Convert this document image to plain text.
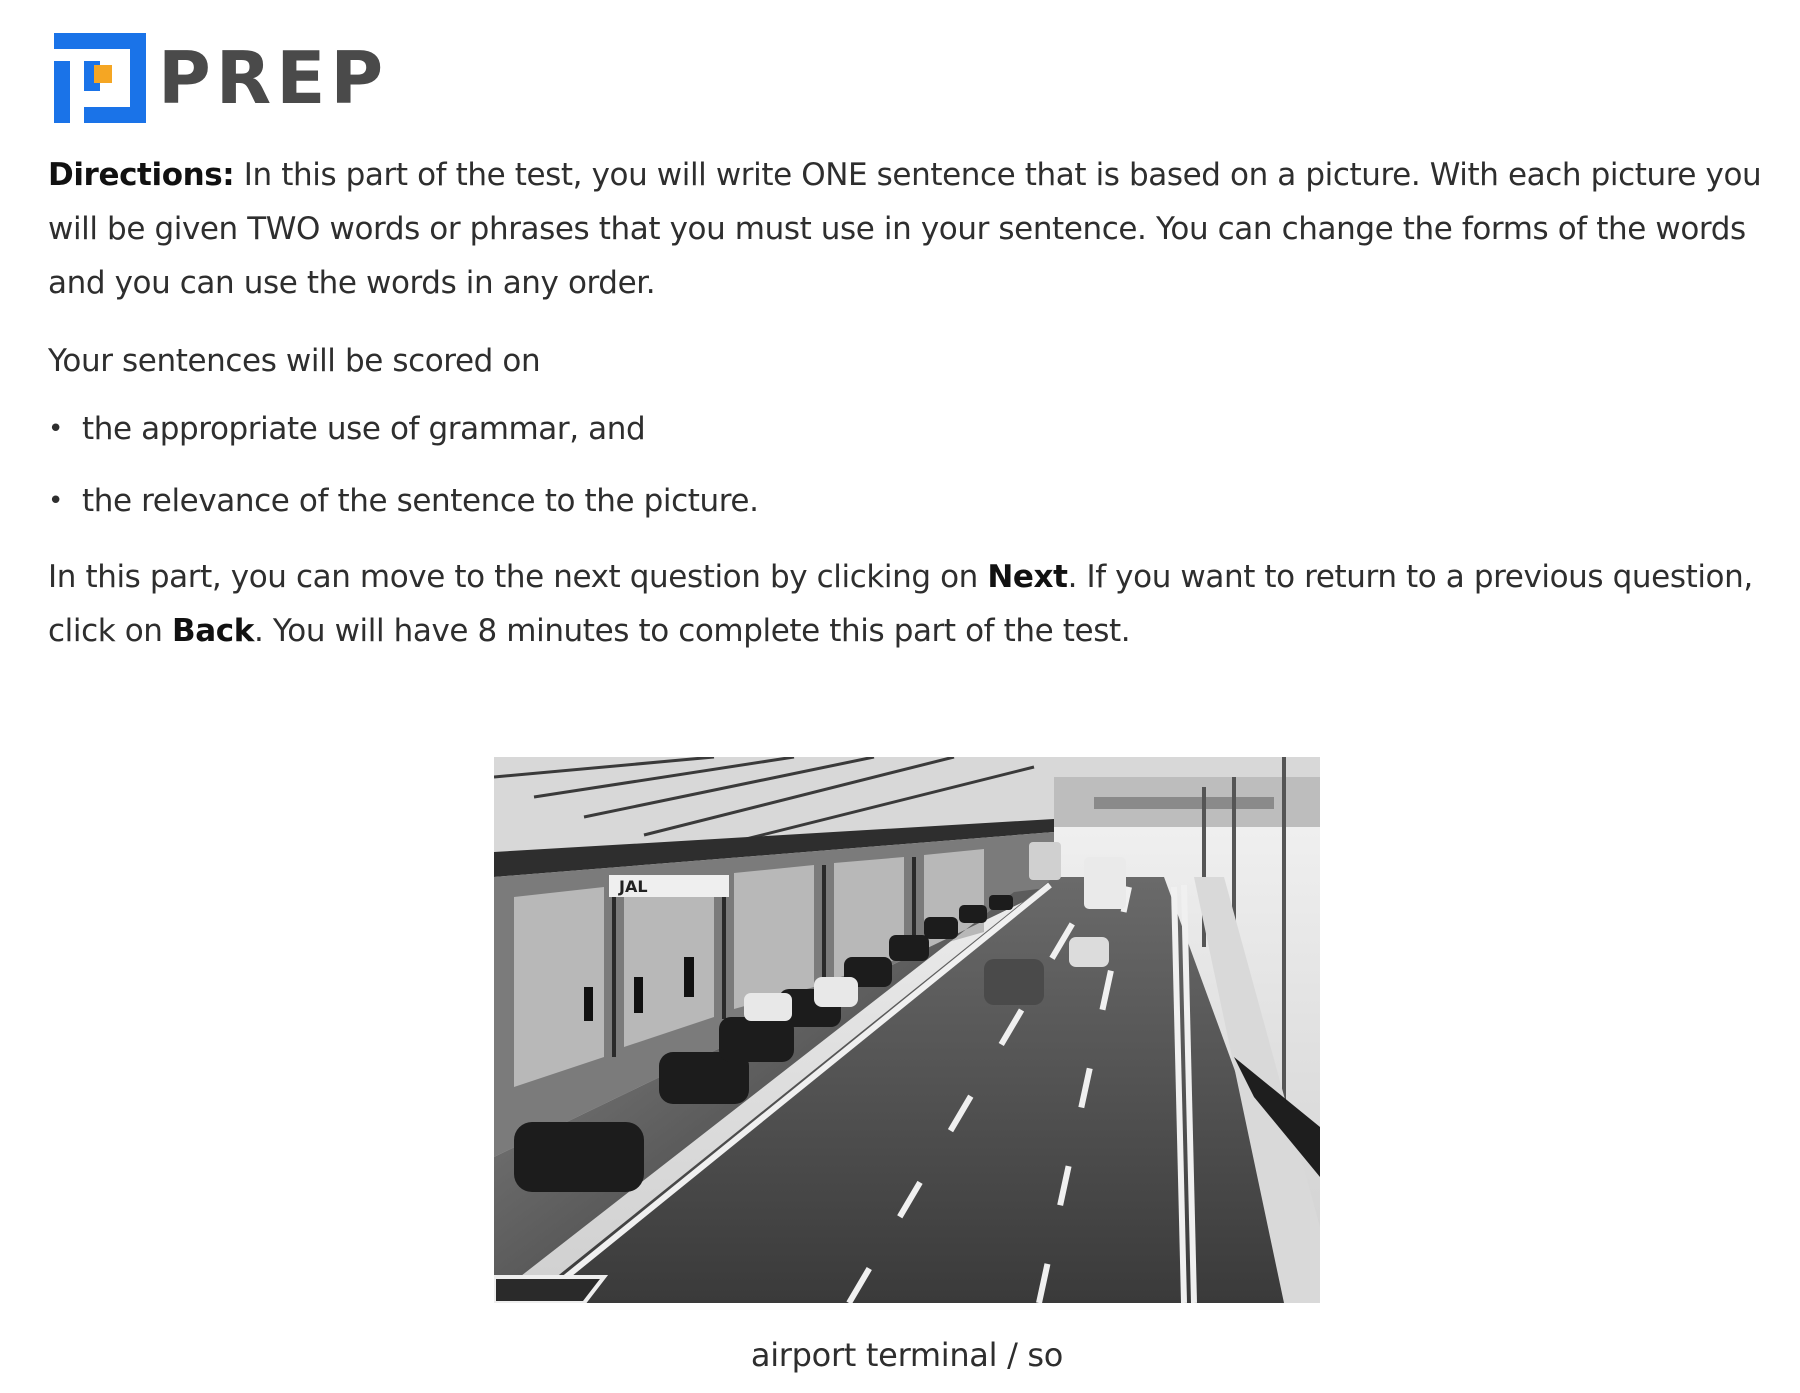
PREP

Directions: In this part of the test, you will write ONE sentence that is based on a picture. With each picture you will be given TWO words or phrases that you must use in your sentence. You can change the forms of the words and you can use the words in any order.

Your sentences will be scored on

• the appropriate use of grammar, and
• the relevance of the sentence to the picture.

In this part, you can move to the next question by clicking on Next. If you want to return to a previous question, click on Back. You will have 8 minutes to complete this part of the test.

JAL
airport terminal / so
